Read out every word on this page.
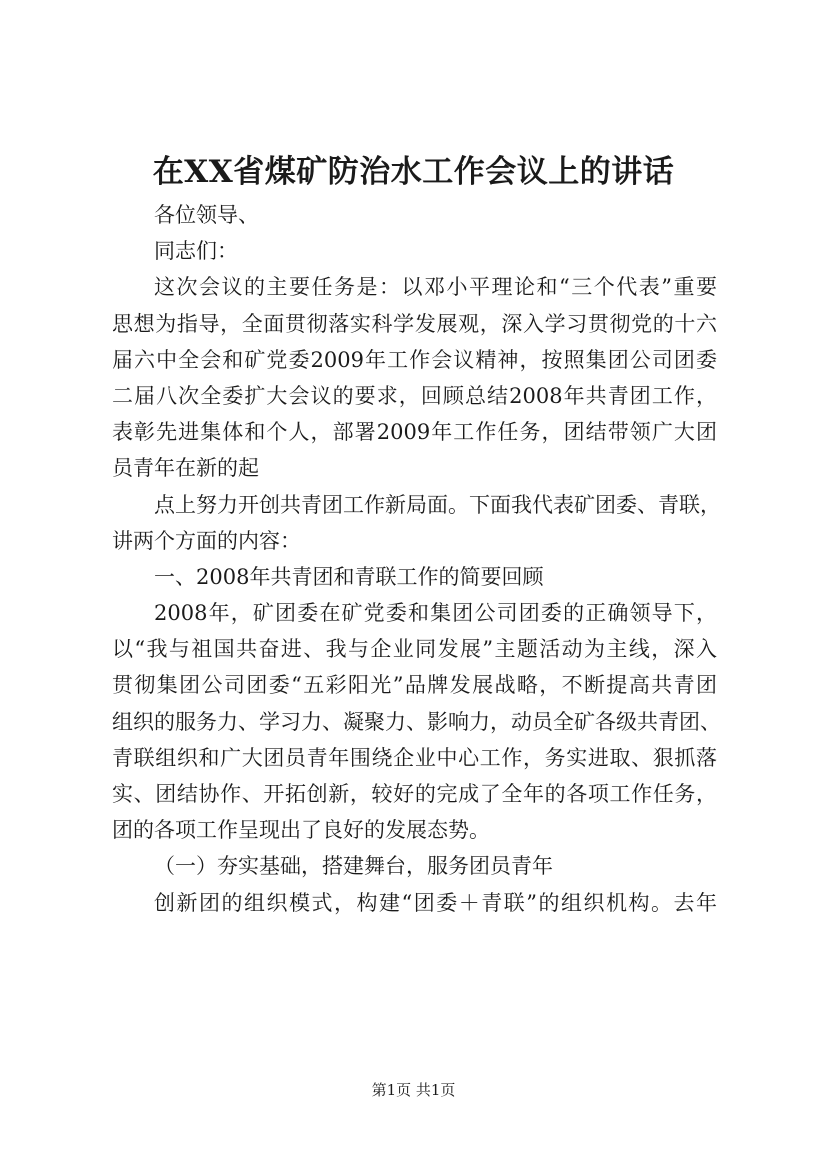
在XX省煤矿防治水工作会议上的讲话
各位领导、
同志们：
这次会议的主要任务是：以邓小平理论和“三个代表”重要
思想为指导，全面贯彻落实科学发展观，深入学习贯彻党的十六
届六中全会和矿党委2009年工作会议精神，按照集团公司团委
二届八次全委扩大会议的要求，回顾总结2008年共青团工作，
表彰先进集体和个人，部署2009年工作任务，团结带领广大团
员青年在新的起
点上努力开创共青团工作新局面。下面我代表矿团委、青联，
讲两个方面的内容：
一、2008年共青团和青联工作的简要回顾
2008年，矿团委在矿党委和集团公司团委的正确领导下，
以“我与祖国共奋进、我与企业同发展”主题活动为主线，深入
贯彻集团公司团委“五彩阳光”品牌发展战略，不断提高共青团
组织的服务力、学习力、凝聚力、影响力，动员全矿各级共青团、
青联组织和广大团员青年围绕企业中心工作，务实进取、狠抓落
实、团结协作、开拓创新，较好的完成了全年的各项工作任务，
团的各项工作呈现出了良好的发展态势。
（一）夯实基础，搭建舞台，服务团员青年
创新团的组织模式，构建“团委＋青联”的组织机构。去年
第1页 共1页
